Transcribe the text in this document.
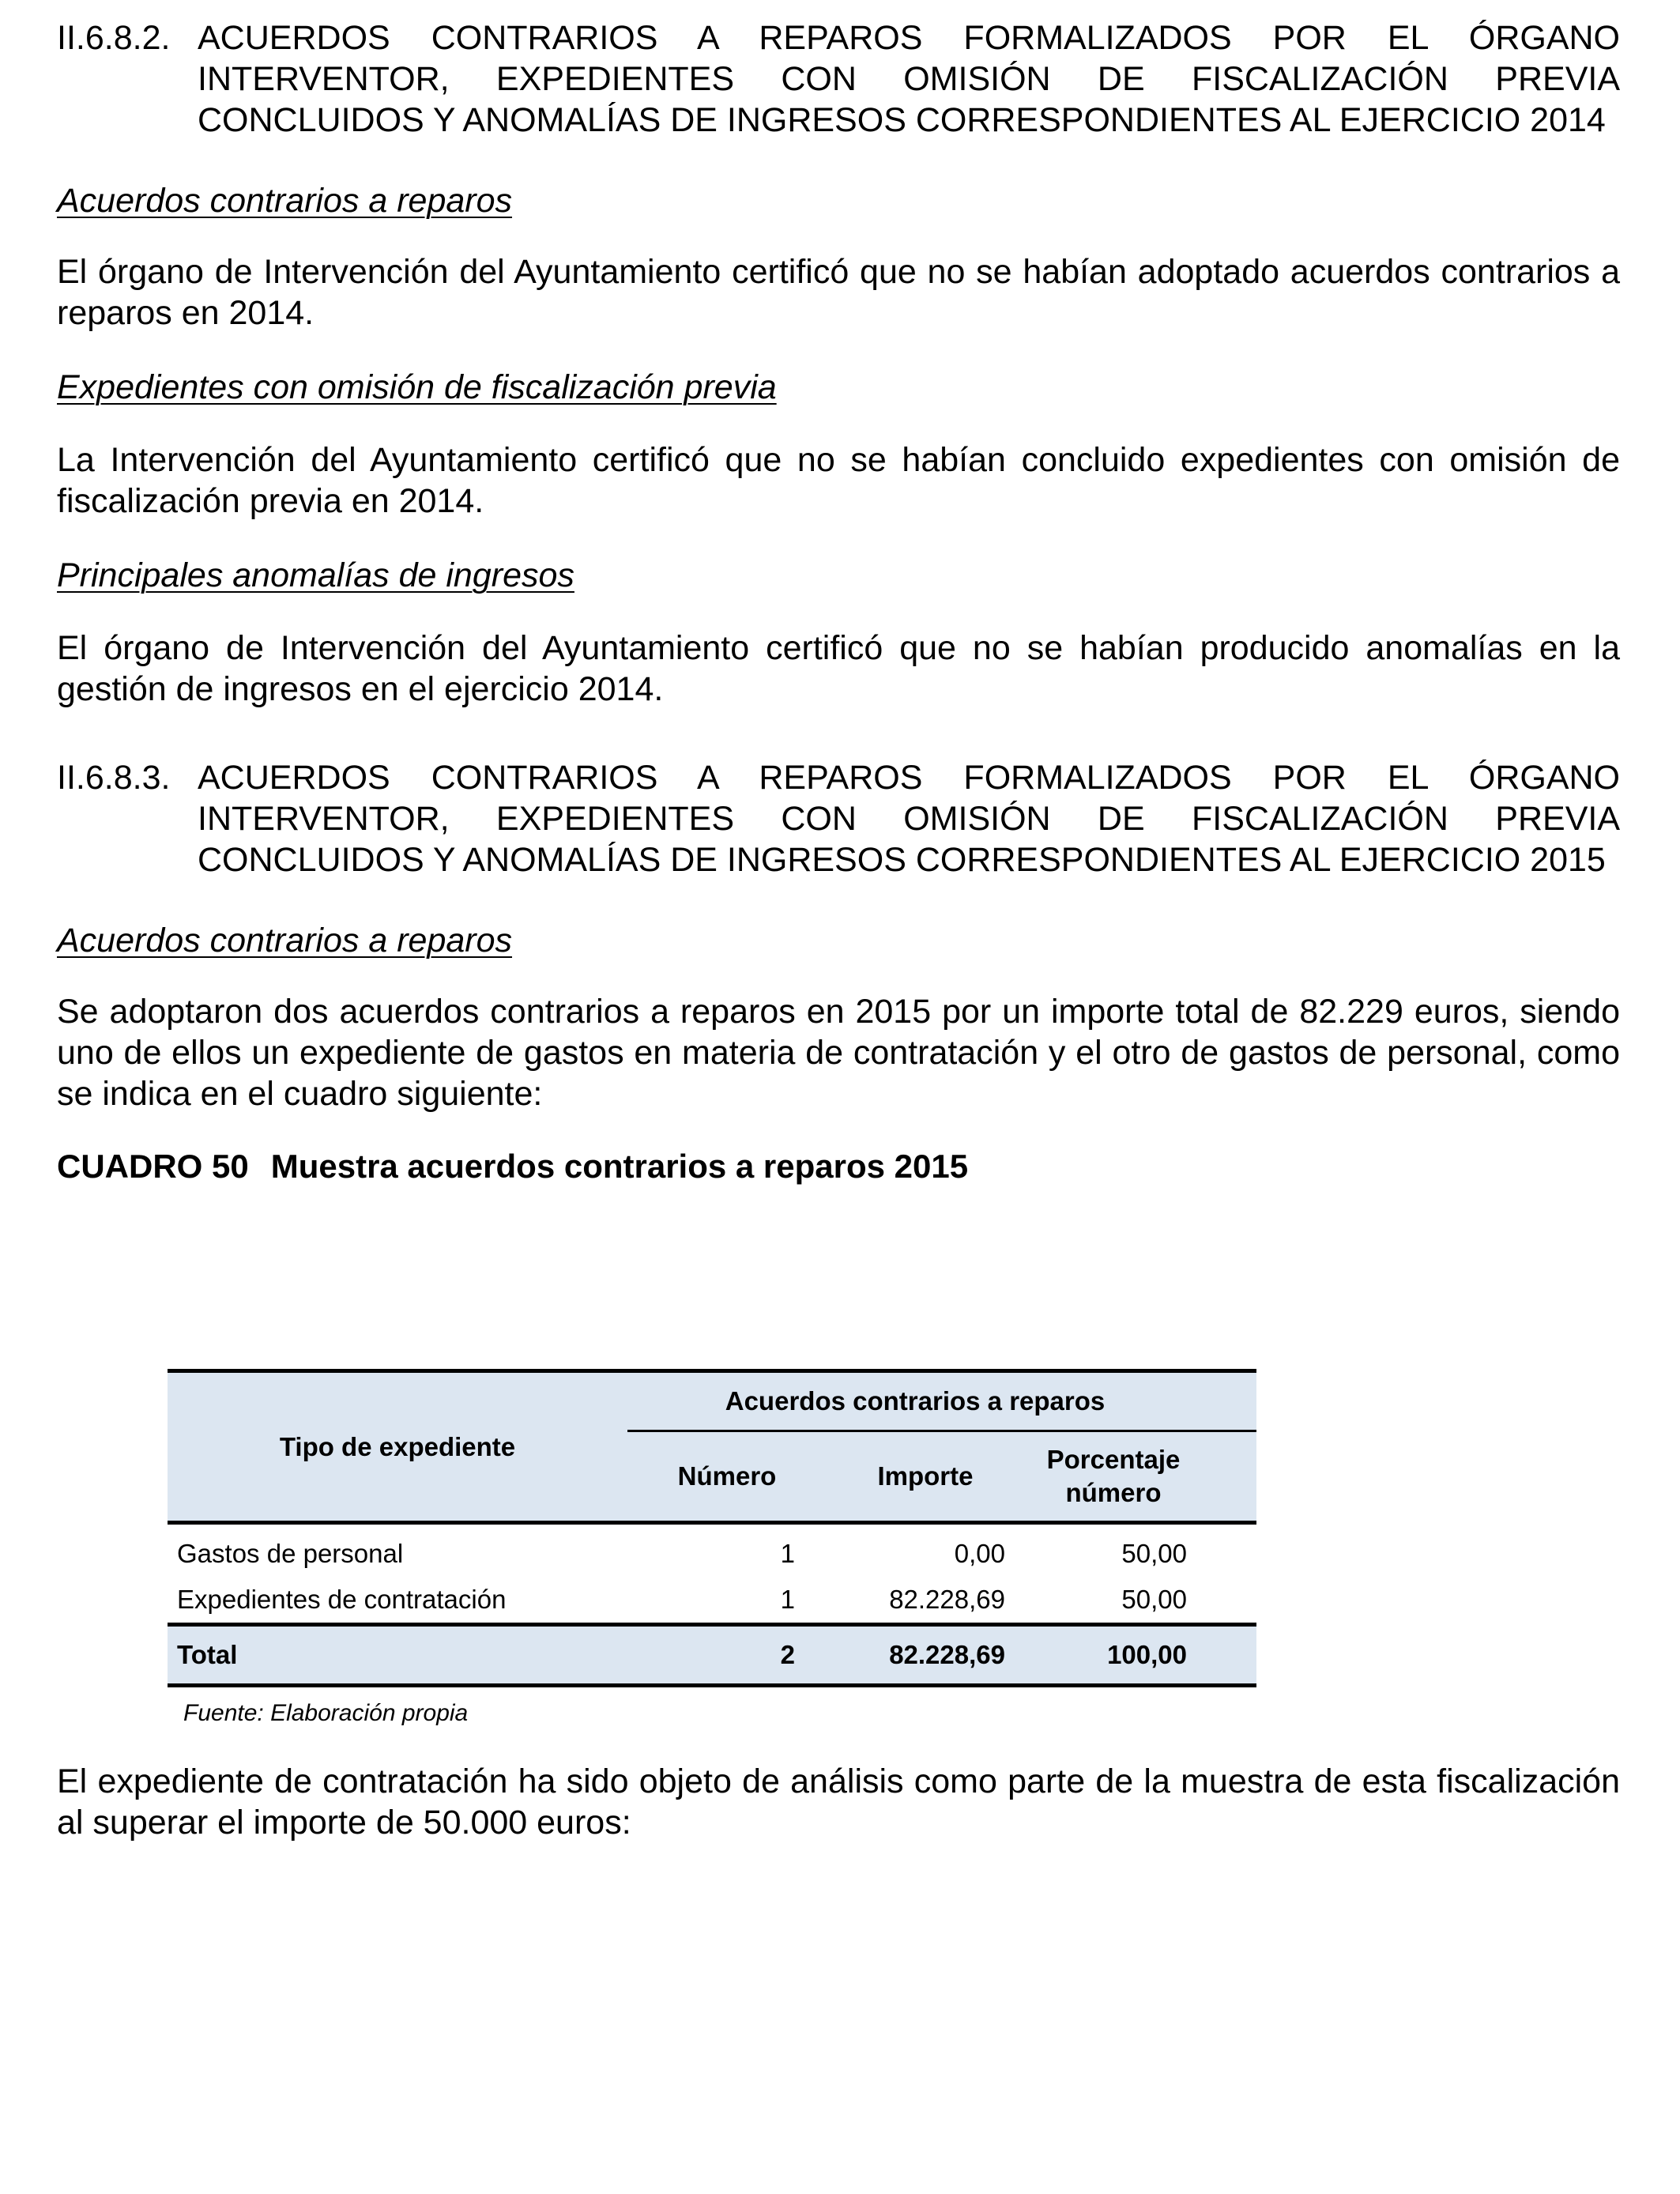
II.6.8.2. ACUERDOS CONTRARIOS A REPAROS FORMALIZADOS POR EL ÓRGANO INTERVENTOR, EXPEDIENTES CON OMISIÓN DE FISCALIZACIÓN PREVIA CONCLUIDOS Y ANOMALÍAS DE INGRESOS CORRESPONDIENTES AL EJERCICIO 2014

Acuerdos contrarios a reparos

El órgano de Intervención del Ayuntamiento certificó que no se habían adoptado acuerdos contrarios a reparos en 2014.

Expedientes con omisión de fiscalización previa

La Intervención del Ayuntamiento certificó que no se habían concluido expedientes con omisión de fiscalización previa en 2014.

Principales anomalías de ingresos

El órgano de Intervención del Ayuntamiento certificó que no se habían producido anomalías en la gestión de ingresos en el ejercicio 2014.

II.6.8.3. ACUERDOS CONTRARIOS A REPAROS FORMALIZADOS POR EL ÓRGANO INTERVENTOR, EXPEDIENTES CON OMISIÓN DE FISCALIZACIÓN PREVIA CONCLUIDOS Y ANOMALÍAS DE INGRESOS CORRESPONDIENTES AL EJERCICIO 2015

Acuerdos contrarios a reparos

Se adoptaron dos acuerdos contrarios a reparos en 2015 por un importe total de 82.229 euros, siendo uno de ellos un expediente de gastos en materia de contratación y el otro de gastos de personal, como se indica en el cuadro siguiente:

CUADRO 50 Muestra acuerdos contrarios a reparos 2015

Tipo de expediente	Acuerdos contrarios a reparos			
	Número	Importe	Porcentaje
número	
Gastos de personal	1	0,00	50,00	
Expedientes de contratación	1	82.228,69	50,00	
Total	2	82.228,69	100,00	

Fuente: Elaboración propia

El expediente de contratación ha sido objeto de análisis como parte de la muestra de esta fiscalización al superar el importe de 50.000 euros:
